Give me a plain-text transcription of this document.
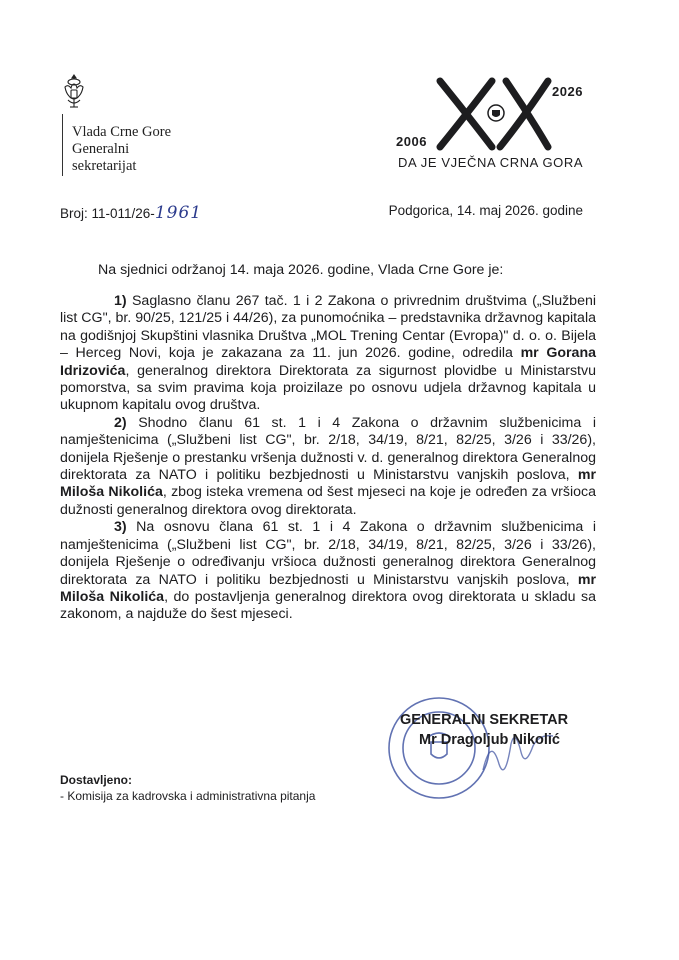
Vlada Crne Gore
Generalni
sekretarijat
2026
2006
DA JE VJEČNA CRNA GORA
Broj: 11-011/26-1961	Podgorica, 14. maj 2026. godine
Na sjednici održanoj 14. maja 2026. godine, Vlada Crne Gore je:

1) Saglasno članu 267 tač. 1 i 2 Zakona o privrednim društvima („Službeni list CG", br. 90/25, 121/25 i 44/26), za punomoćnika – predstavnika državnog kapitala na godišnjoj Skupštini vlasnika Društva „MOL Trening Centar (Evropa)" d. o. o. Bijela – Herceg Novi, koja je zakazana za 11. jun 2026. godine, odredila mr Gorana Idrizovića, generalnog direktora Direktorata za sigurnost plovidbe u Ministarstvu pomorstva, sa svim pravima koja proizilaze po osnovu udjela državnog kapitala u ukupnom kapitalu ovog društva.

2) Shodno članu 61 st. 1 i 4 Zakona o državnim službenicima i namještenicima („Službeni list CG", br. 2/18, 34/19, 8/21, 82/25, 3/26 i 33/26), donijela Rješenje o prestanku vršenja dužnosti v. d. generalnog direktora Generalnog direktorata za NATO i politiku bezbjednosti u Ministarstvu vanjskih poslova, mr Miloša Nikolića, zbog isteka vremena od šest mjeseci na koje je određen za vršioca dužnosti generalnog direktora ovog direktorata.

3) Na osnovu člana 61 st. 1 i 4 Zakona o državnim službenicima i namještenicima („Službeni list CG", br. 2/18, 34/19, 8/21, 82/25, 3/26 i 33/26), donijela Rješenje o određivanju vršioca dužnosti generalnog direktora Generalnog direktorata za NATO i politiku bezbjednosti u Ministarstvu vanjskih poslova, mr Miloša Nikolića, do postavljenja generalnog direktora ovog direktorata u skladu sa zakonom, a najduže do šest mjeseci.

GENERALNI SEKRETAR
Mr Dragoljub Nikolić
Dostavljeno:
- Komisija za kadrovska i administrativna pitanja
